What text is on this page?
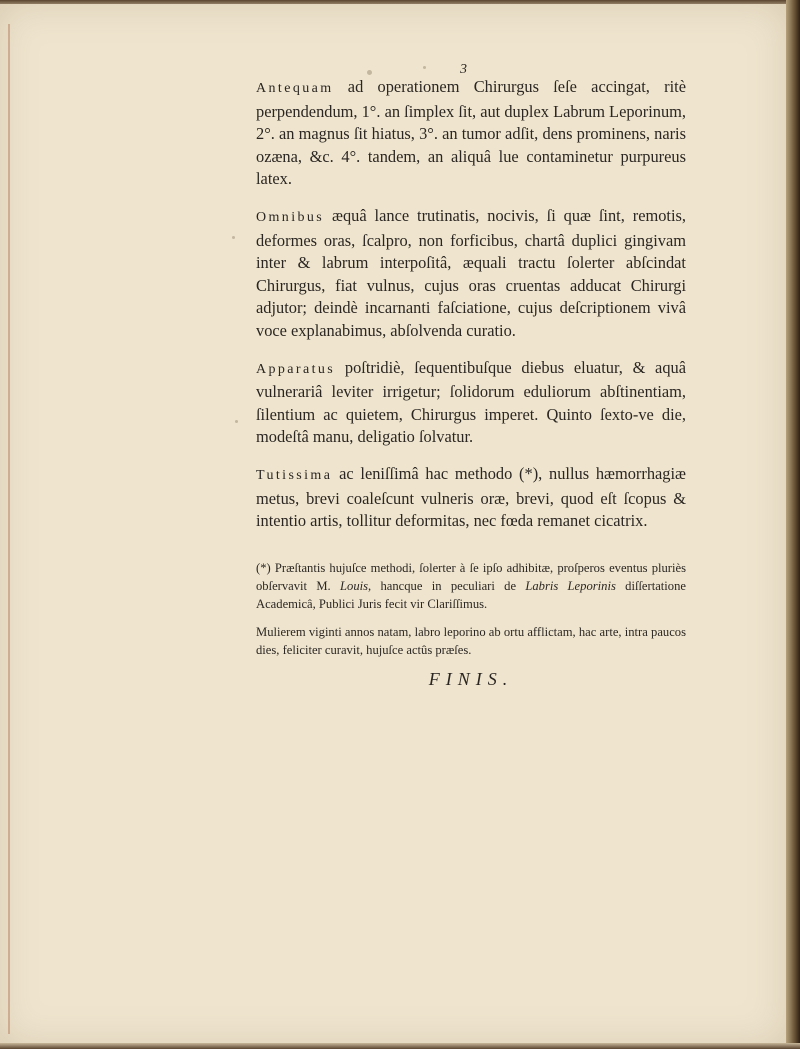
3

Antequam ad operationem Chirurgus ſeſe accingat, ritè perpendendum, 1°. an ſimplex ſit, aut duplex Labrum Leporinum, 2°. an magnus ſit hiatus, 3°. an tumor adſit, dens prominens, naris ozæna, &c. 4°. tandem, an aliquâ lue contaminetur purpureus latex.

Omnibus æquâ lance trutinatis, nocivis, ſi quæ ſint, remotis, deformes oras, ſcalpro, non forficibus, chartâ duplici gingivam inter & labrum interpoſitâ, æquali tractu ſolerter abſcindat Chirurgus, fiat vulnus, cujus oras cruentas adducat Chirurgi adjutor; deindè incarnanti faſciatione, cujus deſcriptionem vivâ voce explanabimus, abſolvenda curatio.

Apparatus poſtridiè, ſequentibuſque diebus eluatur, & aquâ vulnerariâ leviter irrigetur; ſolidorum eduliorum abſtinentiam, ſilentium ac quietem, Chirurgus imperet. Quinto ſexto-ve die, modeſtâ manu, deligatio ſolvatur.

Tutissima ac leniſſimâ hac methodo (*), nullus hæmorrhagiæ metus, brevi coaleſcunt vulneris oræ, brevi, quod eſt ſcopus & intentio artis, tollitur deformitas, nec fœda remanet cicatrix.

(*) Præſtantis hujuſce methodi, ſolerter à ſe ipſo adhibitæ, proſperos eventus pluriès obſervavit M. Louis, hancque in peculiari de Labris Leporinis diſſertatione Academicâ, Publici Juris fecit vir Clariſſimus.

Mulierem viginti annos natam, labro leporino ab ortu afflictam, hac arte, intra paucos dies, feliciter curavit, hujuſce actûs præſes.

FINIS.
